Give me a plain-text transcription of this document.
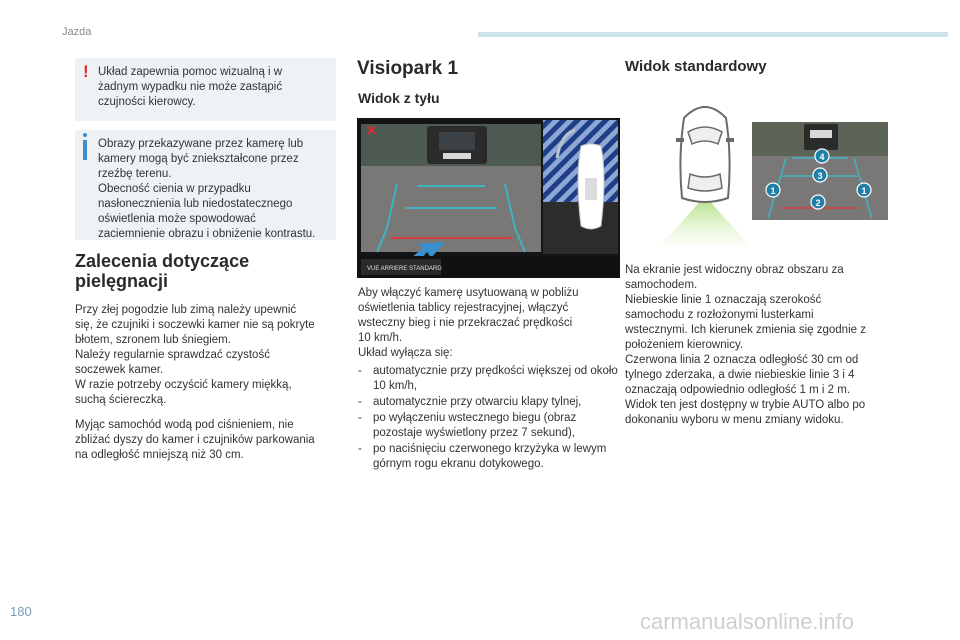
Jazda
! Układ zapewnia pomoc wizualną i w
żadnym wypadku nie może zastąpić
czujności kierowcy.
Obrazy przekazywane przez kamerę lub
kamery mogą być zniekształcone przez
rzeźbę terenu.
Obecność cienia w przypadku
nasłonecznienia lub niedostatecznego
oświetlenia może spowodować
zaciemnienie obrazu i obniżenie kontrastu.
Zalecenia dotyczące
pielęgnacji
Przy złej pogodzie lub zimą należy upewnić
się, że czujniki i soczewki kamer nie są pokryte
błotem, szronem lub śniegiem.
Należy regularnie sprawdzać czystość
soczewek kamer.
W razie potrzeby oczyścić kamery miękką,
suchą ściereczką.
Myjąc samochód wodą pod ciśnieniem, nie
zbliżać dyszy do kamer i czujników parkowania
na odległość mniejszą niż 30 cm.
Visiopark 1
Widok z tyłu
✕
VUE ARRIERE STANDARD
Aby włączyć kamerę usytuowaną w pobliżu
oświetlenia tablicy rejestracyjnej, włączyć
wsteczny bieg i nie przekraczać prędkości
10 km/h.
Układ wyłącza się:
- automatycznie przy prędkości większej od około 10 km/h,
- automatycznie przy otwarciu klapy tylnej,
- po wyłączeniu wstecznego biegu (obraz pozostaje wyświetlony przez 7 sekund),
- po naciśnięciu czerwonego krzyżyka w lewym górnym rogu ekranu dotykowego.
Widok standardowy
4
3
1	1
2
Na ekranie jest widoczny obraz obszaru za
samochodem.
Niebieskie linie 1 oznaczają szerokość
samochodu z rozłożonymi lusterkami
wstecznymi. Ich kierunek zmienia się zgodnie z
położeniem kierownicy.
Czerwona linia 2 oznacza odległość 30 cm od
tylnego zderzaka, a dwie niebieskie linie 3 i 4
oznaczają odpowiednio odległość 1 m i 2 m.
Widok ten jest dostępny w trybie AUTO albo po
dokonaniu wyboru w menu zmiany widoku.
180	carmanualsonline.info
